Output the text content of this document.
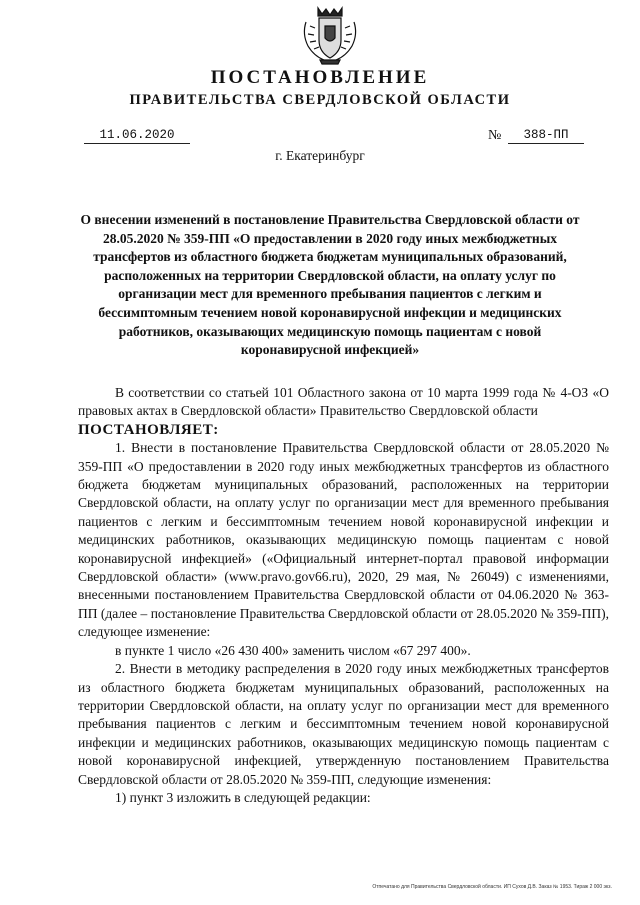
ПОСТАНОВЛЕНИЕ
ПРАВИТЕЛЬСТВА СВЕРДЛОВСКОЙ ОБЛАСТИ
11.06.2020	№	388-ПП
г. Екатеринбург
О внесении изменений в постановление Правительства Свердловской области от 28.05.2020 № 359-ПП «О предоставлении в 2020 году иных межбюджетных трансфертов из областного бюджета бюджетам муниципальных образований, расположенных на территории Свердловской области, на оплату услуг по организации мест для временного пребывания пациентов с легким и бессимптомным течением новой коронавирусной инфекции и медицинских работников, оказывающих медицинскую помощь пациентам с новой коронавирусной инфекцией»

В соответствии со статьей 101 Областного закона от 10 марта 1999 года № 4-ОЗ «О правовых актах в Свердловской области» Правительство Свердловской области

ПОСТАНОВЛЯЕТ:

1. Внести в постановление Правительства Свердловской области от 28.05.2020 № 359-ПП «О предоставлении в 2020 году иных межбюджетных трансфертов из областного бюджета бюджетам муниципальных образований, расположенных на территории Свердловской области, на оплату услуг по организации мест для временного пребывания пациентов с легким и бессимптомным течением новой коронавирусной инфекции и медицинских работников, оказывающих медицинскую помощь пациентам с новой коронавирусной инфекцией» («Официальный интернет-портал правовой информации Свердловской области» (www.pravo.gov66.ru), 2020, 29 мая, № 26049) с изменениями, внесенными постановлением Правительства Свердловской области от 04.06.2020 № 363-ПП (далее – постановление Правительства Свердловской области от 28.05.2020 № 359-ПП), следующее изменение:

в пункте 1 число «26 430 400» заменить числом «67 297 400».

2. Внести в методику распределения в 2020 году иных межбюджетных трансфертов из областного бюджета бюджетам муниципальных образований, расположенных на территории Свердловской области, на оплату услуг по организации мест для временного пребывания пациентов с легким и бессимптомным течением новой коронавирусной инфекции и медицинских работников, оказывающих медицинскую помощь пациентам с новой коронавирусной инфекцией, утвержденную постановлением Правительства Свердловской области от 28.05.2020 № 359-ПП, следующие изменения:

1) пункт 3 изложить в следующей редакции:

Отпечатано для Правительства Свердловской области. ИП Сухов Д.В. Заказ № 1953. Тираж 2 000 экз.
